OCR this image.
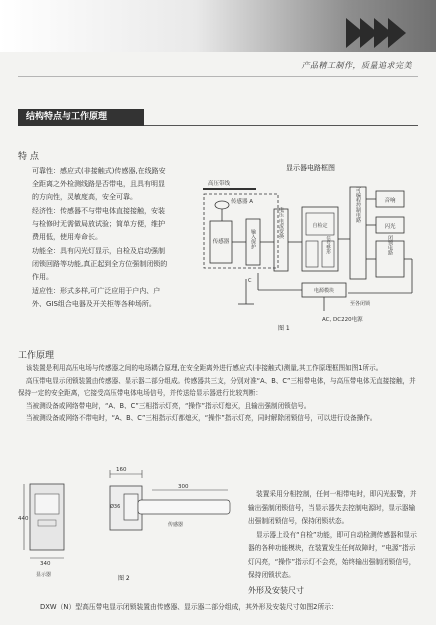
产品精工制作，质量追求完美
结构特点与工作原理
特 点

可靠性：感应式(非接触式)传感器,在线路安全距离之外检测线路是否带电，且具有明显的方向性，灵敏度高，安全可靠。

经济性：传感器不与带电体直接接触，安装与检修时无需做局放试验；简单方便，维护费用低，使用寿命长。

功能全：具有闪光灯显示，自检及启动强制闭锁回路等功能,真正起到全方位强制闭锁的作用。

适应性：形式多样,可广泛应用于户内、户外、GIS组合电器及开关柜等各种场所。

显示器电路框图
高压带线
传感器 A
传感器	输入保护
电压 电流变换	自检定
信号整形
可编程控制电路	音响
闪光
闭锁电路
电源模块
至各闭锁
C
AC, DC220电源
图 1
工作原理

该装置是利用高压电场与传感器之间的电场耦合原理,在安全距离外进行感应式(非接触式)测量,其工作原理框图如图1所示。

高压带电显示闭锁装置由传感器、显示器二部分组成。传感器共三支，分别对准“A、B、C”三相带电体，与高压带电体无直接接触，并保持一定的安全距离，它接受高压带电体电场信号，并传送给显示器进行比较判断：

当被测设备或网络带电时，“A、B、C”三相指示灯亮，“操作”指示灯熄灭，且输出强制闭锁信号。

当被测设备或网络不带电时，“A、B、C”三相指示灯都熄灭，“操作”指示灯亮，同时解除闭锁信号，可以进行设备操作。

160
440
340
显示器
300
Ø36
传感器
图 2

装置采用分相控制，任何一相带电时，即闪光报警，并输出强制闭锁信号，当显示器失去控制电源时，显示器输出强制闭锁信号，保持闭锁状态。

显示器上设有“自检”功能，即可自动检测传感器和显示器的各种功能模块，在装置发生任何故障时，“电源”指示灯闪亮，“操作”指示灯不会亮，始终输出强制闭锁信号，保持闭锁状态。

外形及安装尺寸
DXW（N）型高压带电显示闭锁装置由传感器、显示器二部分组成，其外形及安装尺寸如图2所示：
